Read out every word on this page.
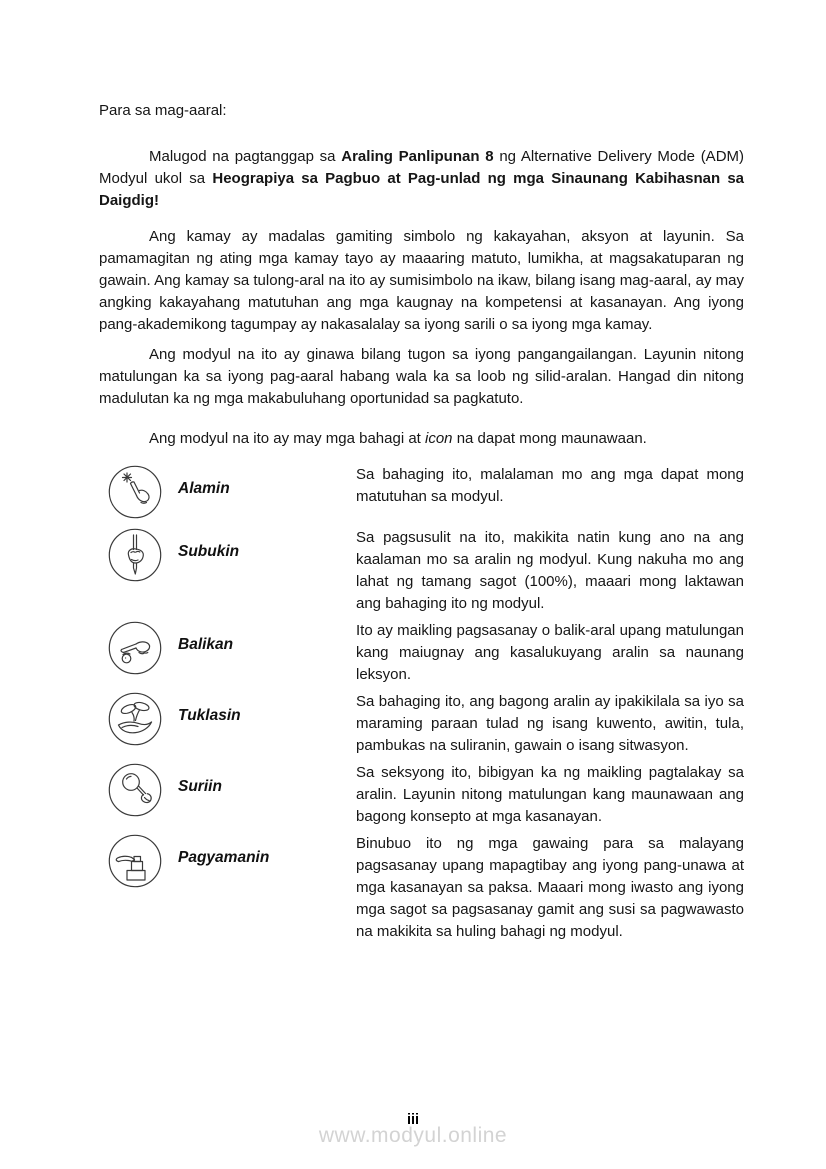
Para sa mag-aaral:

Malugod na pagtanggap sa Araling Panlipunan 8 ng Alternative Delivery Mode (ADM) Modyul ukol sa Heograpiya sa Pagbuo at Pag-unlad ng mga Sinaunang Kabihasnan sa Daigdig!

Ang kamay ay madalas gamiting simbolo ng kakayahan, aksyon at layunin. Sa pamamagitan ng ating mga kamay tayo ay maaaring matuto, lumikha, at magsakatuparan ng gawain. Ang kamay sa tulong-aral na ito ay sumisimbolo na ikaw, bilang isang mag-aaral, ay may angking kakayahang matutuhan ang mga kaugnay na kompetensi at kasanayan. Ang iyong pang-akademikong tagumpay ay nakasalalay sa iyong sarili o sa iyong mga kamay.

Ang modyul na ito ay ginawa bilang tugon sa iyong pangangailangan. Layunin nitong matulungan ka sa iyong pag-aaral habang wala ka sa loob ng silid-aralan. Hangad din nitong madulutan ka ng mga makabuluhang oportunidad sa pagkatuto.

Ang modyul na ito ay may mga bahagi at icon na dapat mong maunawaan.

Alamin

Sa bahaging ito, malalaman mo ang mga dapat mong matutuhan sa modyul.

Subukin

Sa pagsusulit na ito, makikita natin kung ano na ang kaalaman mo sa aralin ng modyul. Kung nakuha mo ang lahat ng tamang sagot (100%), maaari mong laktawan ang bahaging ito ng modyul.

Balikan

Ito ay maikling pagsasanay o balik-aral upang matulungan kang maiugnay ang kasalukuyang aralin sa naunang leksyon.

Tuklasin

Sa bahaging ito, ang bagong aralin ay ipakikilala sa iyo sa maraming paraan tulad ng isang kuwento, awitin, tula, pambukas na suliranin, gawain o isang sitwasyon.

Suriin

Sa seksyong ito, bibigyan ka ng maikling pagtalakay sa aralin. Layunin nitong matulungan kang maunawaan ang bagong konsepto at mga kasanayan.

Pagyamanin

Binubuo ito ng mga gawaing para sa malayang pagsasanay upang mapagtibay ang iyong pang-unawa at mga kasanayan sa paksa. Maaari mong iwasto ang iyong mga sagot sa pagsasanay gamit ang susi sa pagwawasto na makikita sa huling bahagi ng modyul.

iii
www.modyul.online
